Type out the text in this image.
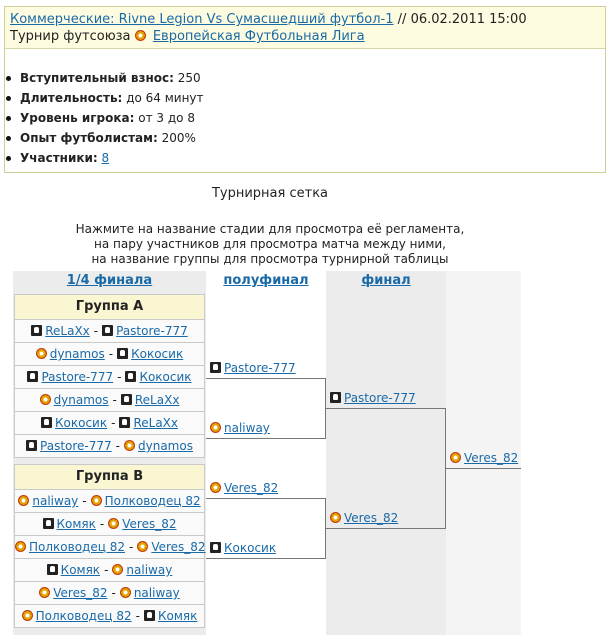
Коммерческие: Rivne Legion Vs Сумасшедший футбол-1 // 06.02.2011 15:00
Турнир футсоюза Европейская Футбольная Лига
Вступительный взнос: 250
Длительность: до 64 минут
Уровень игрока: от 3 до 8
Опыт футболистам: 200%
Участники: 8
Турнирная сетка
Нажмите на название стадии для просмотра её регламента,
на пару участников для просмотра матча между ними,
на название группы для просмотра турнирной таблицы
1/4 финала	полуфинал	финал
Группа А
ReLaXx - Pastore-777
dynamos - Кокосик
Pastore-777 - Кокосик
dynamos - ReLaXx
Кокосик - ReLaXx
Pastore-777 - dynamos
Группа В
naliway - Полководец 82
Комяк - Veres_82
Полководец 82 - Veres_82
Комяк - naliway
Veres_82 - naliway
Полководец 82 - Комяк
Pastore-777
naliway
Veres_82
Кокосик
Pastore-777
Veres_82
Veres_82
